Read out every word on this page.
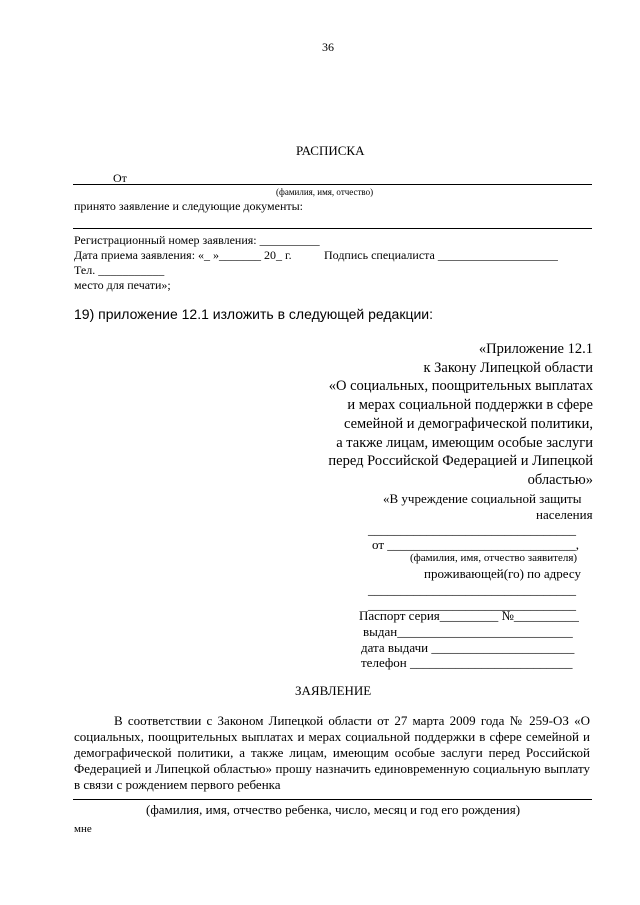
36
РАСПИСКА
От
(фамилия, имя, отчество)
принято заявление и следующие документы:
Регистрационный номер заявления: __________
Дата приема заявления: «_ »_______ 20_ г.	Подпись специалиста ____________________
Тел. ___________
место для печати»;
19) приложение 12.1 изложить в следующей редакции:
«Приложение 12.1
к Закону Липецкой области
«О социальных, поощрительных выплатах
и мерах социальной поддержки в сфере
семейной и демографической политики,
а также лицам, имеющим особые заслуги
перед Российской Федерацией и Липецкой
областью»
«В учреждение социальной защиты
населения
________________________________
от _____________________________,
(фамилия, имя, отчество заявителя)
проживающей(го) по адресу
________________________________
________________________________
Паспорт серия_________ №__________
выдан___________________________
дата выдачи ______________________
телефон _________________________
ЗАЯВЛЕНИЕ
В соответствии с Законом Липецкой области от 27 марта 2009 года № 259-ОЗ «О
социальных, поощрительных выплатах и мерах социальной поддержки в сфере семейной и
демографической политики, а также лицам, имеющим особые заслуги перед Российской
Федерацией и Липецкой областью» прошу назначить единовременную социальную выплату
в связи с рождением первого ребенка
(фамилия, имя, отчество ребенка, число, месяц и год его рождения)
мне
